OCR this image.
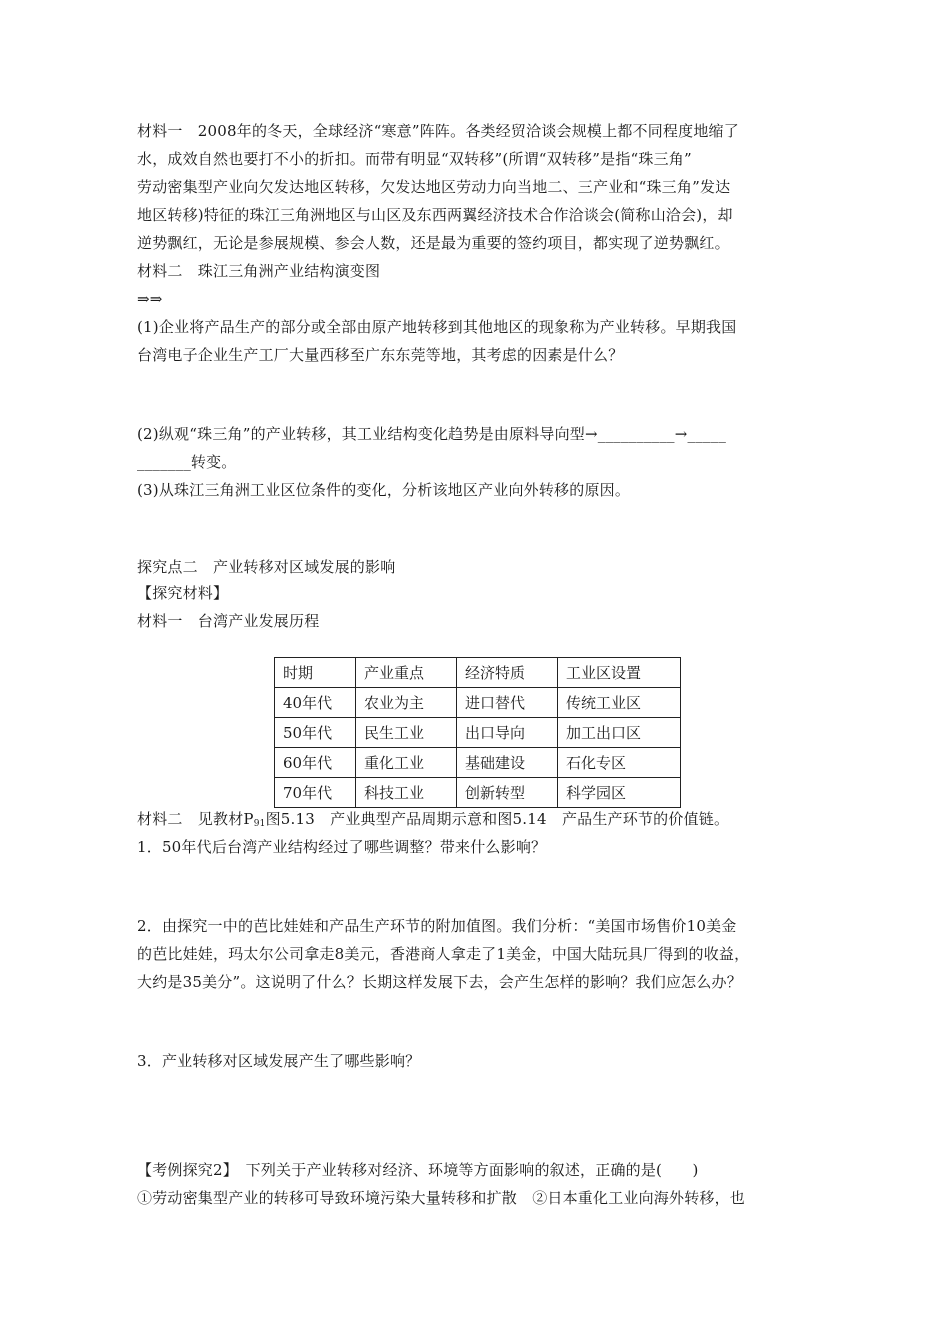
材料一　2008年的冬天，全球经济“寒意”阵阵。各类经贸洽谈会规模上都不同程度地缩了
水，成效自然也要打不小的折扣。而带有明显“双转移”(所谓“双转移”是指“珠三角”
劳动密集型产业向欠发达地区转移，欠发达地区劳动力向当地二、三产业和“珠三角”发达
地区转移)特征的珠江三角洲地区与山区及东西两翼经济技术合作洽谈会(简称山洽会)，却
逆势飘红，无论是参展规模、参会人数，还是最为重要的签约项目，都实现了逆势飘红。
材料二　珠江三角洲产业结构演变图
⇒⇒
(1)企业将产品生产的部分或全部由原产地转移到其他地区的现象称为产业转移。早期我国
台湾电子企业生产工厂大量西移至广东东莞等地，其考虑的因素是什么？
(2)纵观“珠三角”的产业转移，其工业结构变化趋势是由原料导向型→__________→_____
_______转变。
(3)从珠江三角洲工业区位条件的变化，分析该地区产业向外转移的原因。
探究点二　产业转移对区域发展的影响
【探究材料】
材料一　台湾产业发展历程
时期	产业重点	经济特质	工业区设置
40年代	农业为主	进口替代	传统工业区
50年代	民生工业	出口导向	加工出口区
60年代	重化工业	基础建设	石化专区
70年代	科技工业	创新转型	科学园区
材料二　见教材$P_{91}$图5.13　产业典型产品周期示意和图5.14　产品生产环节的价值链。
1．50年代后台湾产业结构经过了哪些调整？带来什么影响？
2．由探究一中的芭比娃娃和产品生产环节的附加值图。我们分析：“美国市场售价10美金
的芭比娃娃，玛太尔公司拿走8美元，香港商人拿走了1美金，中国大陆玩具厂得到的收益，
大约是35美分”。这说明了什么？长期这样发展下去，会产生怎样的影响？我们应怎么办？
3．产业转移对区域发展产生了哪些影响？
【考例探究2】　下列关于产业转移对经济、环境等方面影响的叙述，正确的是(　　)
①劳动密集型产业的转移可导致环境污染大量转移和扩散　②日本重化工业向海外转移，也
